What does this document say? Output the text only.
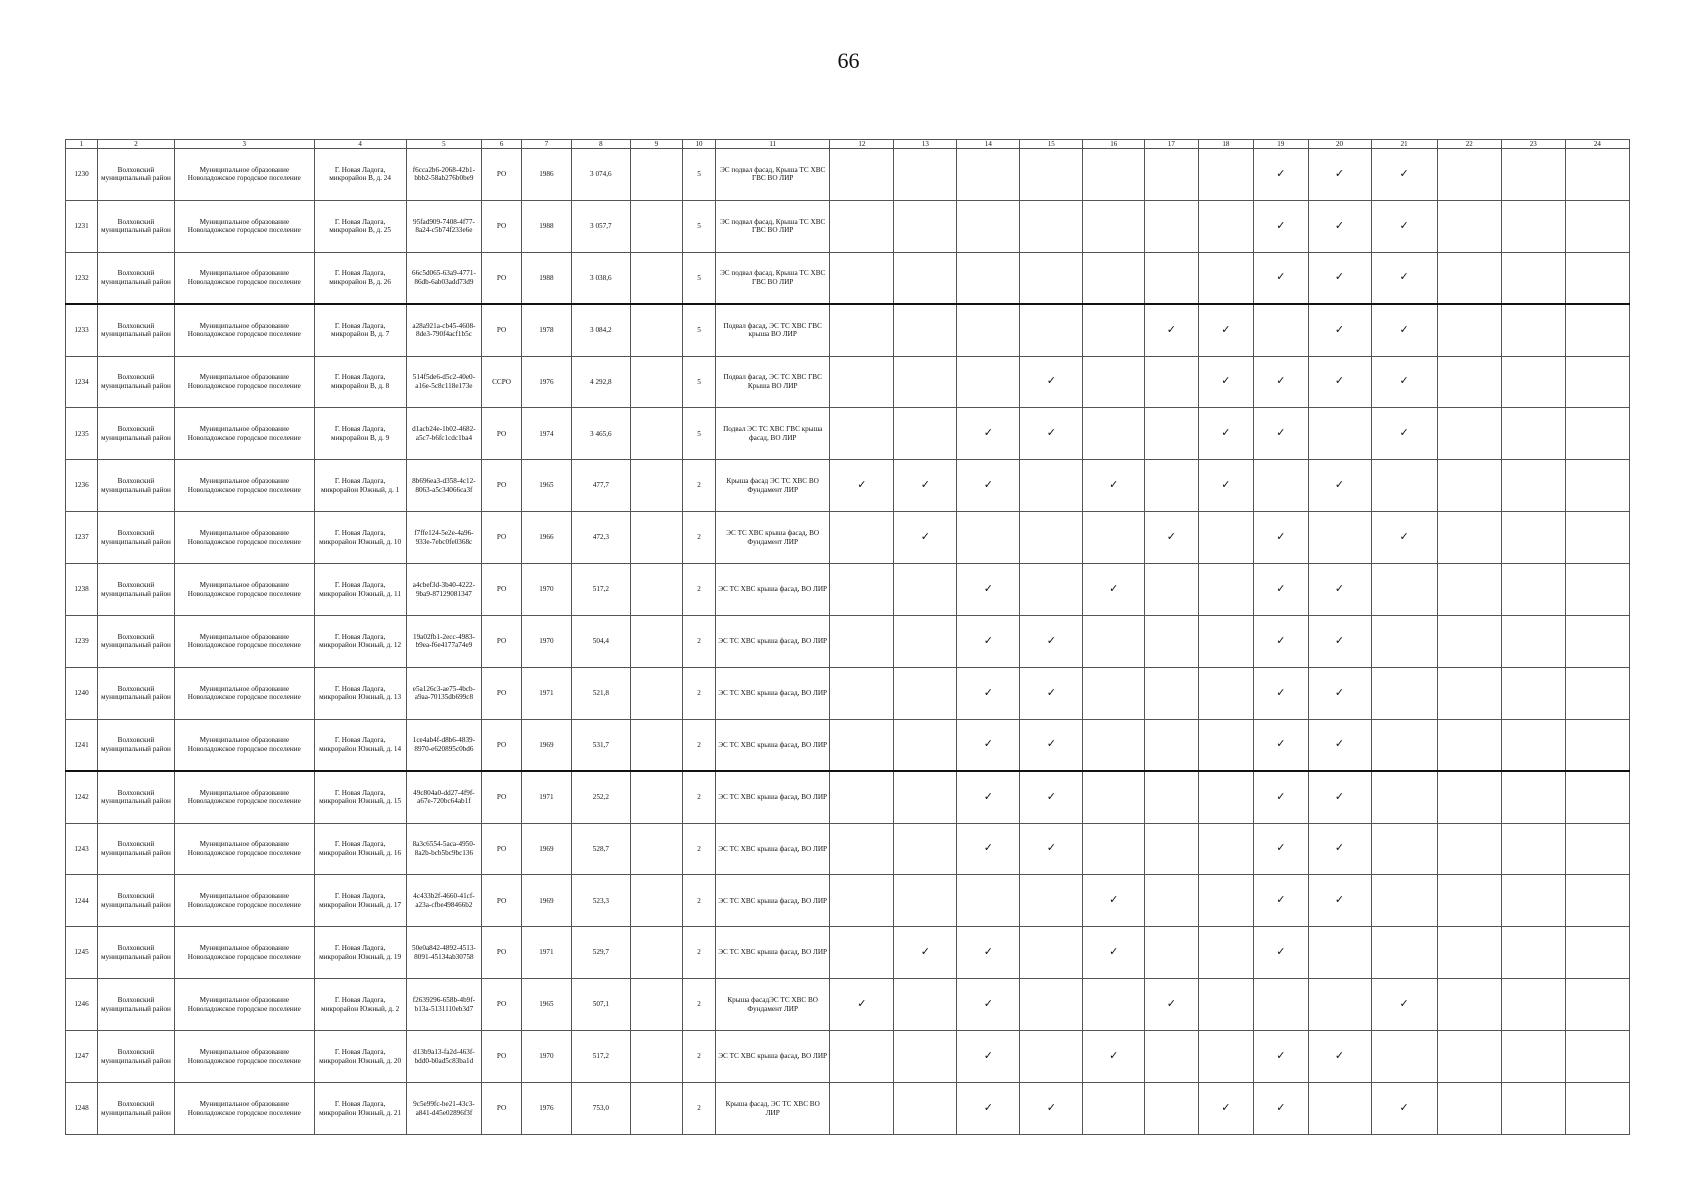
66
1	2	3	4	5	6	7	8	9	10	11	12	13	14	15	16	17	18	19	20	21	22	23	24
1230	Волховский муниципальный район	Муниципальное образование Новоладожское городское поселение	Г. Новая Ладога, микрорайон В, д. 24	f6cca2b6-2068-42b1-bbb2-58ab276b0be9	РО	1986	3 074,6		5	ЭС подвал фасад, Крыша ТС ХВС ГВС ВО ЛИР								✓	✓	✓			
1231	Волховский муниципальный район	Муниципальное образование Новоладожское городское поселение	Г. Новая Ладога, микрорайон В, д. 25	95fad909-7408-4f77-8a24-c5b74f233e6e	РО	1988	3 057,7		5	ЭС подвал фасад, Крыша ТС ХВС ГВС ВО ЛИР								✓	✓	✓			
1232	Волховский муниципальный район	Муниципальное образование Новоладожское городское поселение	Г. Новая Ладога, микрорайон В, д. 26	66c5d065-63a9-4771-86db-6ab03add73d9	РО	1988	3 038,6		5	ЭС подвал фасад, Крыша ТС ХВС ГВС ВО ЛИР								✓	✓	✓			
1233	Волховский муниципальный район	Муниципальное образование Новоладожское городское поселение	Г. Новая Ладога, микрорайон В, д. 7	a28a921a-cb45-4608-8de3-790f4acf1b5c	РО	1978	3 084,2		5	Подвал фасад, ЭС ТС ХВС ГВС крыша ВО ЛИР						✓	✓		✓	✓			
1234	Волховский муниципальный район	Муниципальное образование Новоладожское городское поселение	Г. Новая Ладога, микрорайон В, д. 8	514f5de6-d5c2-40e0-a16e-5c8c118e173e	ССРО	1976	4 292,8		5	Подвал фасад, ЭС ТС ХВС ГВС Крыша ВО ЛИР				✓			✓	✓	✓	✓			
1235	Волховский муниципальный район	Муниципальное образование Новоладожское городское поселение	Г. Новая Ладога, микрорайон В, д. 9	d1acb24e-1b02-4682-a5c7-b6fc1cdc1ba4	РО	1974	3 465,6		5	Подвал ЭС ТС ХВС ГВС крыша фасад, ВО ЛИР			✓	✓			✓	✓		✓			
1236	Волховский муниципальный район	Муниципальное образование Новоладожское городское поселение	Г. Новая Ладога, микрорайон Южный, д. 1	8b696ea3-d358-4c12-8063-a5c34066ca3f	РО	1965	477,7		2	Крыша фасад ЭС ТС ХВС ВО Фундамент ЛИР	✓	✓	✓		✓		✓		✓				
1237	Волховский муниципальный район	Муниципальное образование Новоладожское городское поселение	Г. Новая Ладога, микрорайон Южный, д. 10	f7ffe124-5e2e-4a96-933e-7ebc0fe0368c	РО	1966	472,3		2	ЭС ТС ХВС крыша фасад, ВО Фундамент ЛИР		✓				✓		✓		✓			
1238	Волховский муниципальный район	Муниципальное образование Новоладожское городское поселение	Г. Новая Ладога, микрорайон Южный, д. 11	a4cbef3d-3b40-4222-9ba9-87129081347	РО	1970	517,2		2	ЭС ТС ХВС крыша фасад, ВО ЛИР			✓		✓			✓	✓				
1239	Волховский муниципальный район	Муниципальное образование Новоладожское городское поселение	Г. Новая Ладога, микрорайон Южный, д. 12	19a02fb1-2ecc-4983-b9ea-f6e4177a74e9	РО	1970	504,4		2	ЭС ТС ХВС крыша фасад, ВО ЛИР			✓	✓				✓	✓				
1240	Волховский муниципальный район	Муниципальное образование Новоладожское городское поселение	Г. Новая Ладога, микрорайон Южный, д. 13	e5a126c3-ae75-4bcb-a9aa-70135db699c8	РО	1971	521,8		2	ЭС ТС ХВС крыша фасад, ВО ЛИР			✓	✓				✓	✓				
1241	Волховский муниципальный район	Муниципальное образование Новоладожское городское поселение	Г. Новая Ладога, микрорайон Южный, д. 14	1ce4ab4f-d8b6-4839-8970-e620895c0bd6	РО	1969	531,7		2	ЭС ТС ХВС крыша фасад, ВО ЛИР			✓	✓				✓	✓				
1242	Волховский муниципальный район	Муниципальное образование Новоладожское городское поселение	Г. Новая Ладога, микрорайон Южный, д. 15	49c804a0-dd27-4f9f-a67e-720bc64ab1f	РО	1971	252,2		2	ЭС ТС ХВС крыша фасад, ВО ЛИР			✓	✓				✓	✓				
1243	Волховский муниципальный район	Муниципальное образование Новоладожское городское поселение	Г. Новая Ладога, микрорайон Южный, д. 16	8a3c6554-5aca-4950-8a2b-bcb5bc9bc136	РО	1969	528,7		2	ЭС ТС ХВС крыша фасад, ВО ЛИР			✓	✓				✓	✓				
1244	Волховский муниципальный район	Муниципальное образование Новоладожское городское поселение	Г. Новая Ладога, микрорайон Южный, д. 17	4c433b2f-4660-41cf-a23a-cfbe498466b2	РО	1969	523,3		2	ЭС ТС ХВС крыша фасад, ВО ЛИР					✓			✓	✓				
1245	Волховский муниципальный район	Муниципальное образование Новоладожское городское поселение	Г. Новая Ладога, микрорайон Южный, д. 19	50e0a842-4892-4513-8091-45134ab30758	РО	1971	529,7		2	ЭС ТС ХВС крыша фасад, ВО ЛИР		✓	✓		✓			✓					
1246	Волховский муниципальный район	Муниципальное образование Новоладожское городское поселение	Г. Новая Ладога, микрорайон Южный, д. 2	f2639296-658b-4b9f-b13a-5131110eb3d7	РО	1965	507,1		2	Крыша фасадЭС ТС ХВС ВО Фундамент ЛИР	✓		✓			✓				✓			
1247	Волховский муниципальный район	Муниципальное образование Новоладожское городское поселение	Г. Новая Ладога, микрорайон Южный, д. 20	d13b9a13-fa2d-463f-bdd0-b0ad5c83ba1d	РО	1970	517,2		2	ЭС ТС ХВС крыша фасад, ВО ЛИР			✓		✓			✓	✓				
1248	Волховский муниципальный район	Муниципальное образование Новоладожское городское поселение	Г. Новая Ладога, микрорайон Южный, д. 21	9c5e99fc-be21-43c3-a841-d45e02896f3f	РО	1976	753,0		2	Крыша фасад, ЭС ТС ХВС ВО ЛИР			✓	✓			✓	✓		✓			
